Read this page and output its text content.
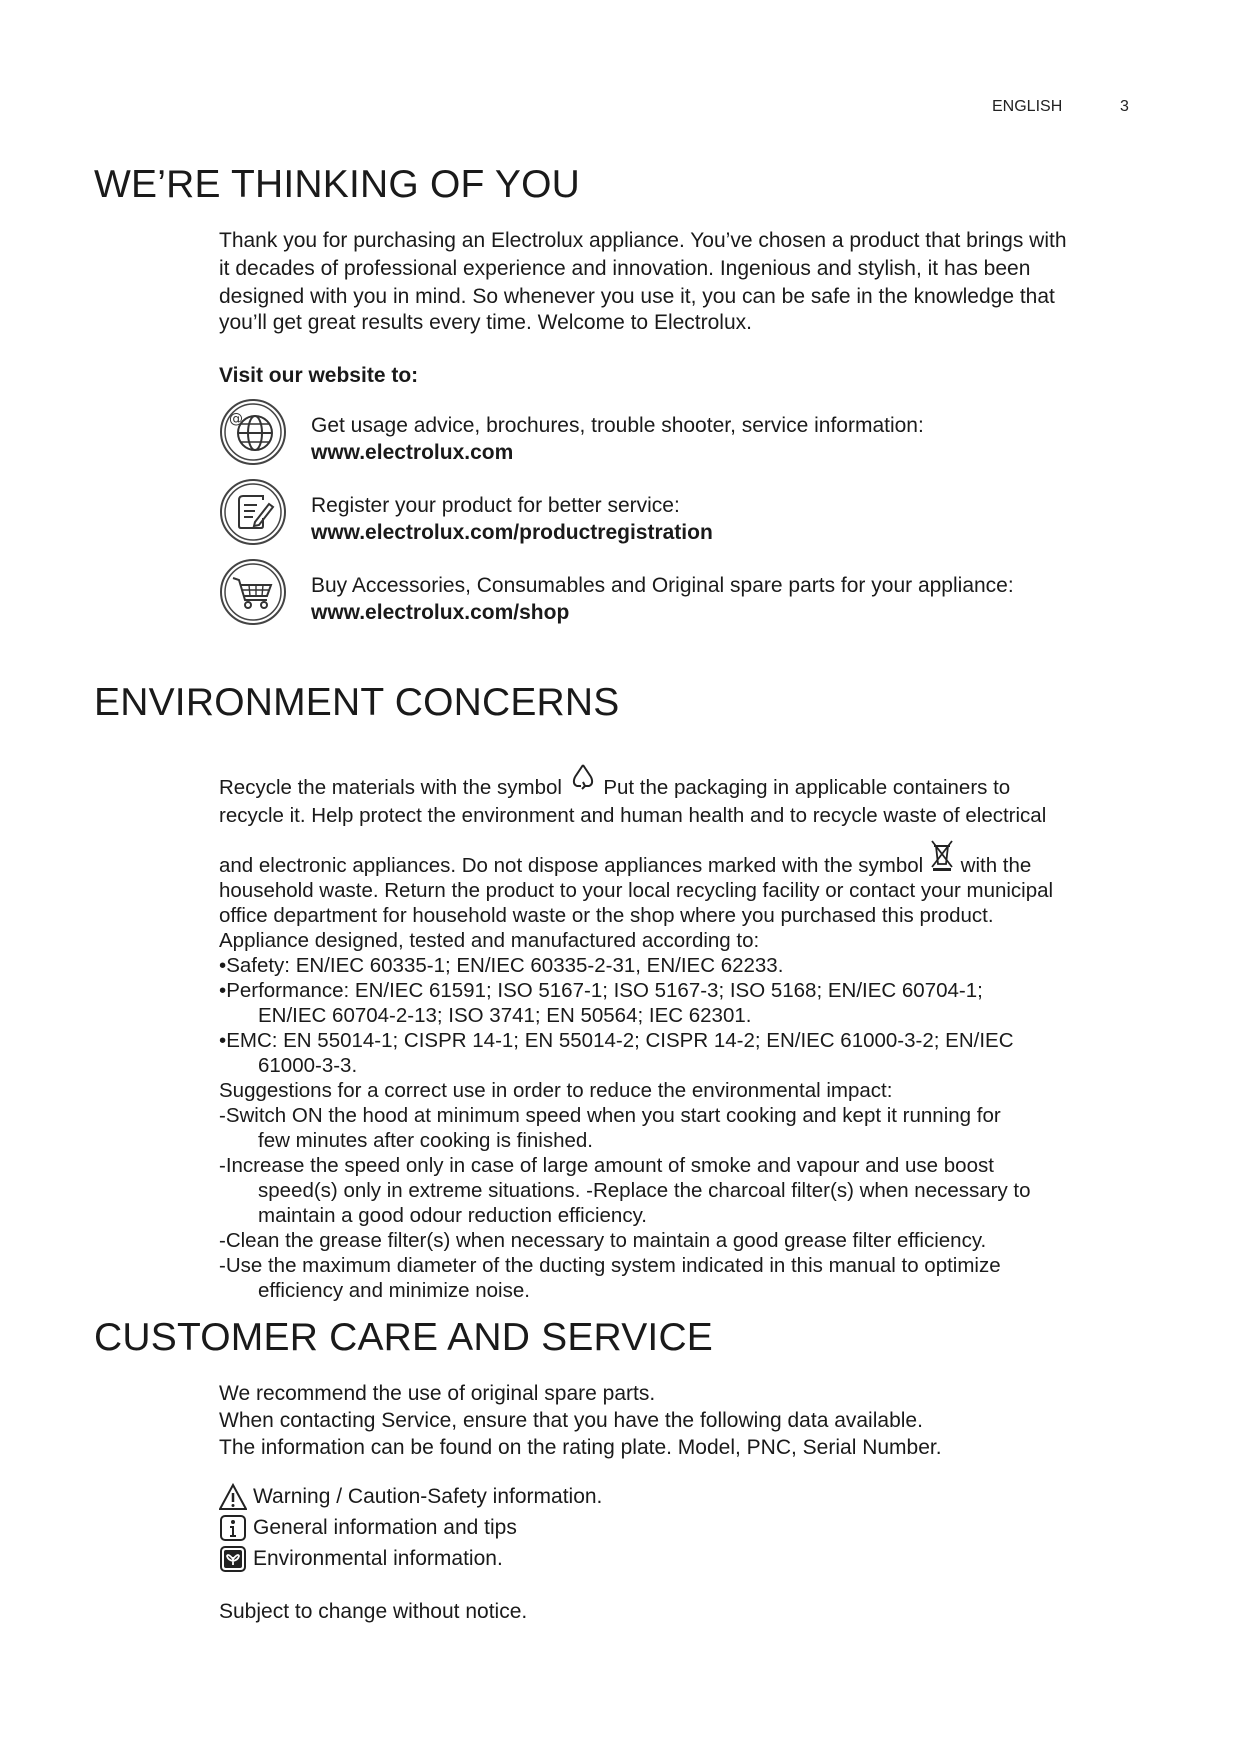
ENGLISH	3
WE’RE THINKING OF YOU
Thank you for purchasing an Electrolux appliance. You’ve chosen a product that brings with
it decades of professional experience and innovation. Ingenious and stylish, it has been
designed with you in mind. So whenever you use it, you can be safe in the knowledge that
you’ll get great results every time. Welcome to Electrolux.
Visit our website to:
@	Get usage advice, brochures, trouble shooter, service information:
www.electrolux.com
Register your product for better service:
www.electrolux.com/productregistration
Buy Accessories, Consumables and Original spare parts for your appliance:
www.electrolux.com/shop
ENVIRONMENT CONCERNS
Recycle the materials with the symbol Put the packaging in applicable containers to
recycle it. Help protect the environment and human health and to recycle waste of electrical
and electronic appliances. Do not dispose appliances marked with the symbol with the
household waste. Return the product to your local recycling facility or contact your municipal
office department for household waste or the shop where you purchased this product.
Appliance designed, tested and manufactured according to:
•Safety: EN/IEC 60335-1; EN/IEC 60335-2-31, EN/IEC 62233.
•Performance: EN/IEC 61591; ISO 5167-1; ISO 5167-3; ISO 5168; EN/IEC 60704-1;
EN/IEC 60704-2-13; ISO 3741; EN 50564; IEC 62301.
•EMC: EN 55014-1; CISPR 14-1; EN 55014-2; CISPR 14-2; EN/IEC 61000-3-2; EN/IEC
61000-3-3.
Suggestions for a correct use in order to reduce the environmental impact:
-Switch ON the hood at minimum speed when you start cooking and kept it running for
few minutes after cooking is finished.
-Increase the speed only in case of large amount of smoke and vapour and use boost
speed(s) only in extreme situations. -Replace the charcoal filter(s) when necessary to
maintain a good odour reduction efficiency.
-Clean the grease filter(s) when necessary to maintain a good grease filter efficiency.
-Use the maximum diameter of the ducting system indicated in this manual to optimize
efficiency and minimize noise.
CUSTOMER CARE AND SERVICE
We recommend the use of original spare parts.
When contacting Service, ensure that you have the following data available.
The information can be found on the rating plate. Model, PNC, Serial Number.
Warning / Caution-Safety information.
General information and tips
Environmental information.
Subject to change without notice.
